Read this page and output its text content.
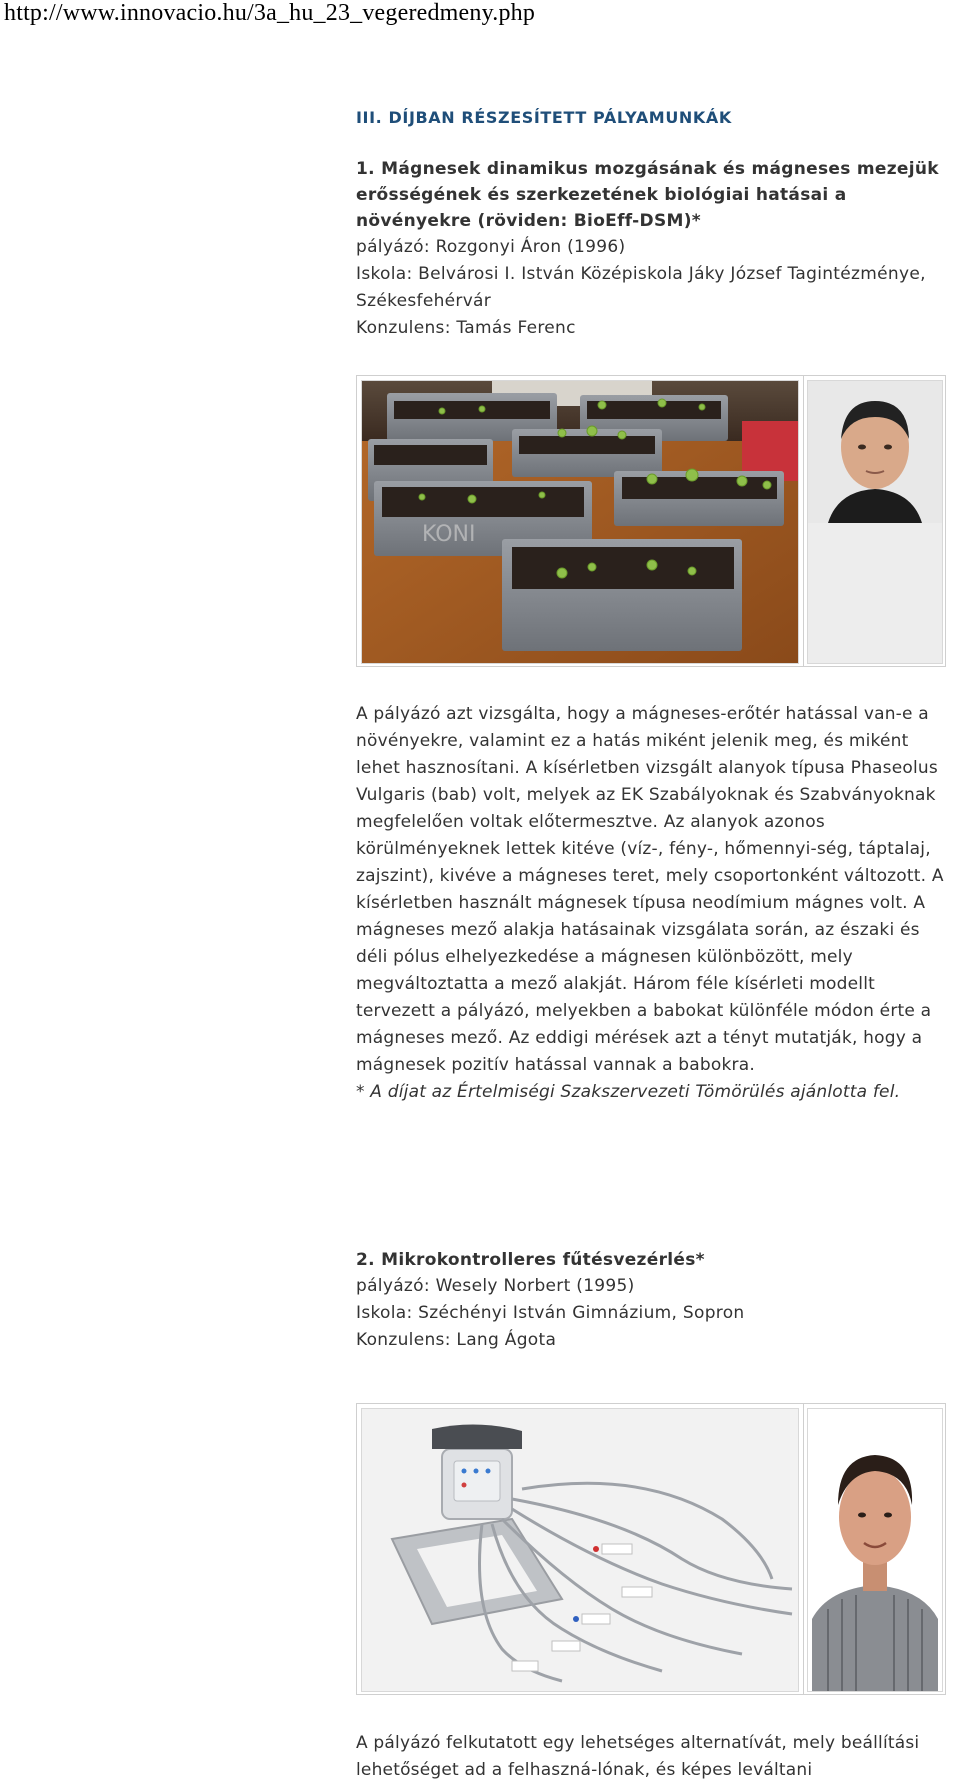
http://www.innovacio.hu/3a_hu_23_vegeredmeny.php
III. DÍJBAN RÉSZESÍTETT PÁLYAMUNKÁK

1. Mágnesek dinamikus mozgásának és mágneses mezejük erősségének és szerkezetének biológiai hatásai a növényekre (röviden: BioEff-DSM)*

pályázó: Rozgonyi Áron (1996)

Iskola: Belvárosi I. István Középiskola Jáky József Tagintézménye, Székesfehérvár

Konzulens: Tamás Ferenc

KONI

A pályázó azt vizsgálta, hogy a mágneses-erőtér hatással van-e a növényekre, valamint ez a hatás miként jelenik meg, és miként lehet hasznosítani. A kísérletben vizsgált alanyok típusa Phaseolus Vulgaris (bab) volt, melyek az EK Szabályoknak és Szabványoknak megfelelően voltak előtermesztve. Az alanyok azonos körülményeknek lettek kitéve (víz-, fény-, hőmennyi-ség, táptalaj, zajszint), kivéve a mágneses teret, mely csoportonként változott. A kísérletben használt mágnesek típusa neodímium mágnes volt. A mágneses mező alakja hatásainak vizsgálata során, az északi és déli pólus elhelyezkedése a mágnesen különbözött, mely megváltoztatta a mező alakját. Három féle kísérleti modellt tervezett a pályázó, melyekben a babokat különféle módon érte a mágneses mező. Az eddigi mérések azt a tényt mutatják, hogy a mágnesek pozitív hatással vannak a babokra.

* A díjat az Értelmiségi Szakszervezeti Tömörülés ajánlotta fel.

2. Mikrokontrolleres fűtésvezérlés*

pályázó: Wesely Norbert (1995)

Iskola: Széchényi István Gimnázium, Sopron

Konzulens: Lang Ágota

A pályázó felkutatott egy lehetséges alternatívát, mely beállítási lehetőséget ad a felhaszná-lónak, és képes leváltani
